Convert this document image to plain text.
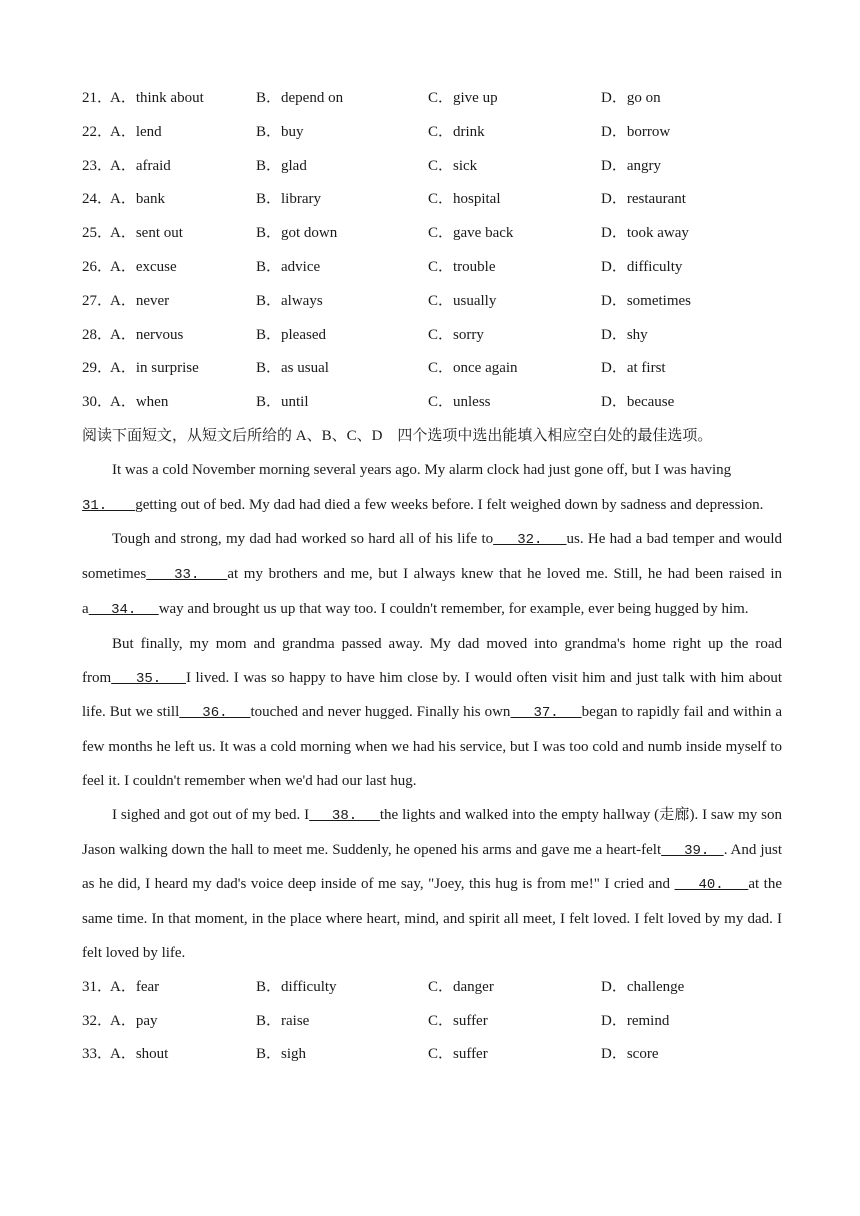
21．
A．think about	B．depend on	C．give up	D．go on
22．
A．lend	B．buy	C．drink	D．borrow
23．
A．afraid	B．glad	C．sick	D．angry
24．
A．bank	B．library	C．hospital	D．restaurant
25．
A．sent out	B．got down	C．gave back	D．took away
26．
A．excuse	B．advice	C．trouble	D．difficulty
27．
A．never	B．always	C．usually	D．sometimes
28．
A．nervous	B．pleased	C．sorry	D．shy
29．
A．in surprise	B．as usual	C．once again	D．at first
30．
A．when	B．until	C．unless	D．because
阅读下面短文，从短文后所给的 A、B、C、D　四个选项中选出能填入相应空白处的最佳选项。

It was a cold November morning several years ago. My alarm clock had just gone off, but I was having
31.　　getting out of bed. My dad had died a few weeks before. I felt weighed down by sadness and depression.

Tough and strong, my dad had worked so hard all of his life to　 32.　 us. He had a bad temper and would sometimes　 33.　 at my brothers and me, but I always knew that he loved me. Still, he had been raised in a　 34.　 way and brought us up that way too. I couldn't remember, for example, ever being hugged by him.

But finally, my mom and grandma passed away. My dad moved into grandma's home right up the road from　 35.　 I lived. I was so happy to have him close by. I would often visit him and just talk with him about life. But we still　 36.　 touched and never hugged. Finally his own　 37.　 began to rapidly fail and within a few months he left us. It was a cold morning when we had his service, but I was too cold and numb inside myself to feel it. I couldn't remember when we'd had our last hug.

I sighed and got out of my bed. I　 38.　 the lights and walked into the empty hallway (走廊). I saw my son Jason walking down the hall to meet me. Suddenly, he opened his arms and gave me a heart-felt　 39.　. And just as he did, I heard my dad's voice deep inside of me say, "Joey, this hug is from me!" I cried and 　 40.　 at the same time. In that moment, in the place where heart, mind, and spirit all meet, I felt loved. I felt loved by my dad. I felt loved by life.

31．
A．fear	B．difficulty	C．danger	D．challenge
32．
A．pay	B．raise	C．suffer	D．remind
33．
A．shout	B．sigh	C．suffer	D．score
